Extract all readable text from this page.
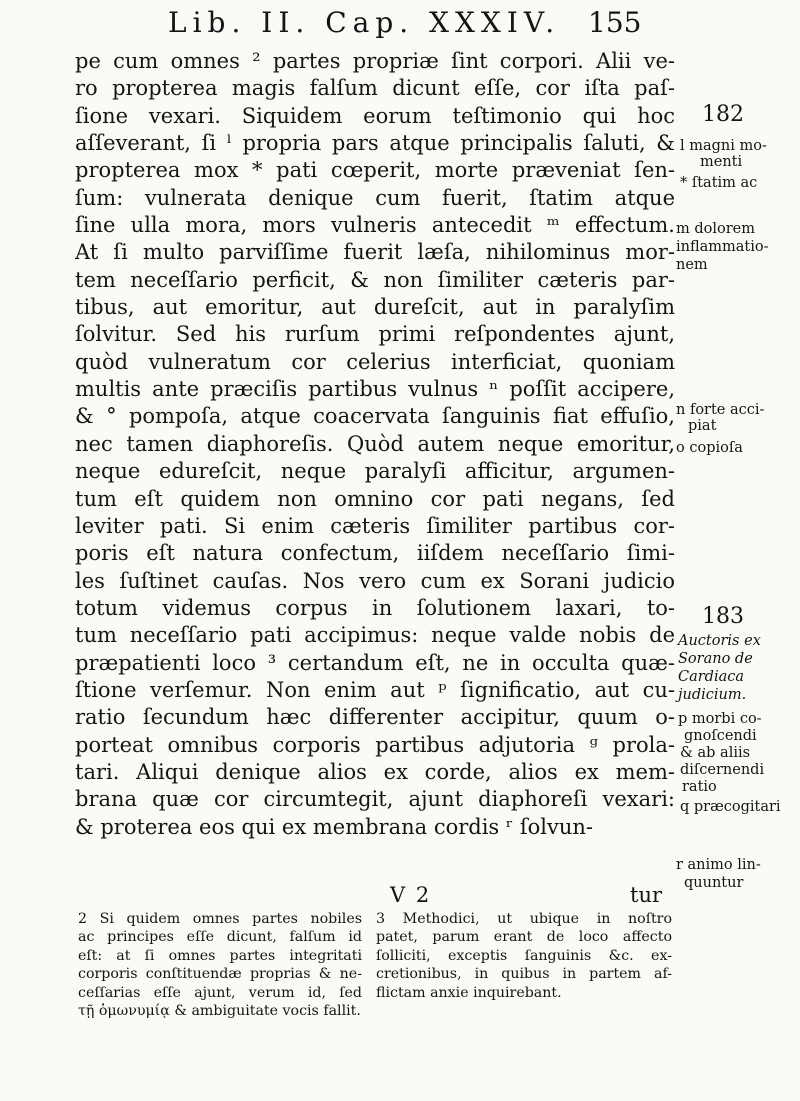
Lib. II. Cap. XXXIV. 155
pe cum omnes ² partes propriæ ſint corpori. Alii ve-
ro propterea magis falſum dicunt eſſe, cor iſta paſ-
ſione vexari. Siquidem eorum teſtimonio qui hoc
aſſeverant, ſi ˡ propria pars atque principalis ſaluti, &
propterea mox * pati cœperit, morte præveniat ſen-
ſum: vulnerata denique cum fuerit, ſtatim atque
ſine ulla mora, mors vulneris antecedit ᵐ effectum.
At ſi multo parviſſime fuerit læſa, nihilominus mor-
tem neceſſario perficit, & non ſimiliter cæteris par-
tibus, aut emoritur, aut dureſcit, aut in paralyſim
ſolvitur. Sed his rurſum primi reſpondentes ajunt,
quòd vulneratum cor celerius interficiat, quoniam
multis ante præciſis partibus vulnus ⁿ poſſit accipere,
& ° pompoſa, atque coacervata ſanguinis fiat effuſio,
nec tamen diaphoreſis. Quòd autem neque emoritur,
neque edureſcit, neque paralyſi afficitur, argumen-
tum eſt quidem non omnino cor pati negans, ſed
leviter pati. Si enim cæteris ſimiliter partibus cor-
poris eſt natura confectum, iiſdem neceſſario ſimi-
les ſuſtinet cauſas. Nos vero cum ex Sorani judicio
totum videmus corpus in ſolutionem laxari, to-
tum neceſſario pati accipimus: neque valde nobis de
præpatienti loco ³ certandum eſt, ne in occulta quæ-
ſtione verſemur. Non enim aut ᵖ ſignificatio, aut cu-
ratio ſecundum hæc differenter accipitur, quum o-
porteat omnibus corporis partibus adjutoria ᵍ prola-
tari. Aliqui denique alios ex corde, alios ex mem-
brana quæ cor circumtegit, ajunt diaphoreſi vexari:
& proterea eos qui ex membrana cordis ʳ ſolvun-
V 2	tur
182
183
l magni mo-
menti
* ſtatim ac
m dolorem
inflammatio-
nem
n forte acci-
piat
o copioſa
Auctoris ex
Sorano de
Cardiaca
judicium.
p morbi co-
gnoſcendi
& ab aliis
diſcernendi
ratio
q præcogitari
r animo lin-
quuntur
2 Si quidem omnes partes nobiles
ac principes eſſe dicunt, falſum id
eſt: at ſi omnes partes integritati
corporis conſtituendæ proprias & ne-
ceſſarias eſſe ajunt, verum id, ſed
τῇ ὁμωνυμίᾳ & ambiguitate vocis fallit.
3 Methodici, ut ubique in noſtro
patet, parum erant de loco affecto
ſolliciti, exceptis ſanguinis &c. ex-
cretionibus, in quibus in partem af-
flictam anxie inquirebant.
